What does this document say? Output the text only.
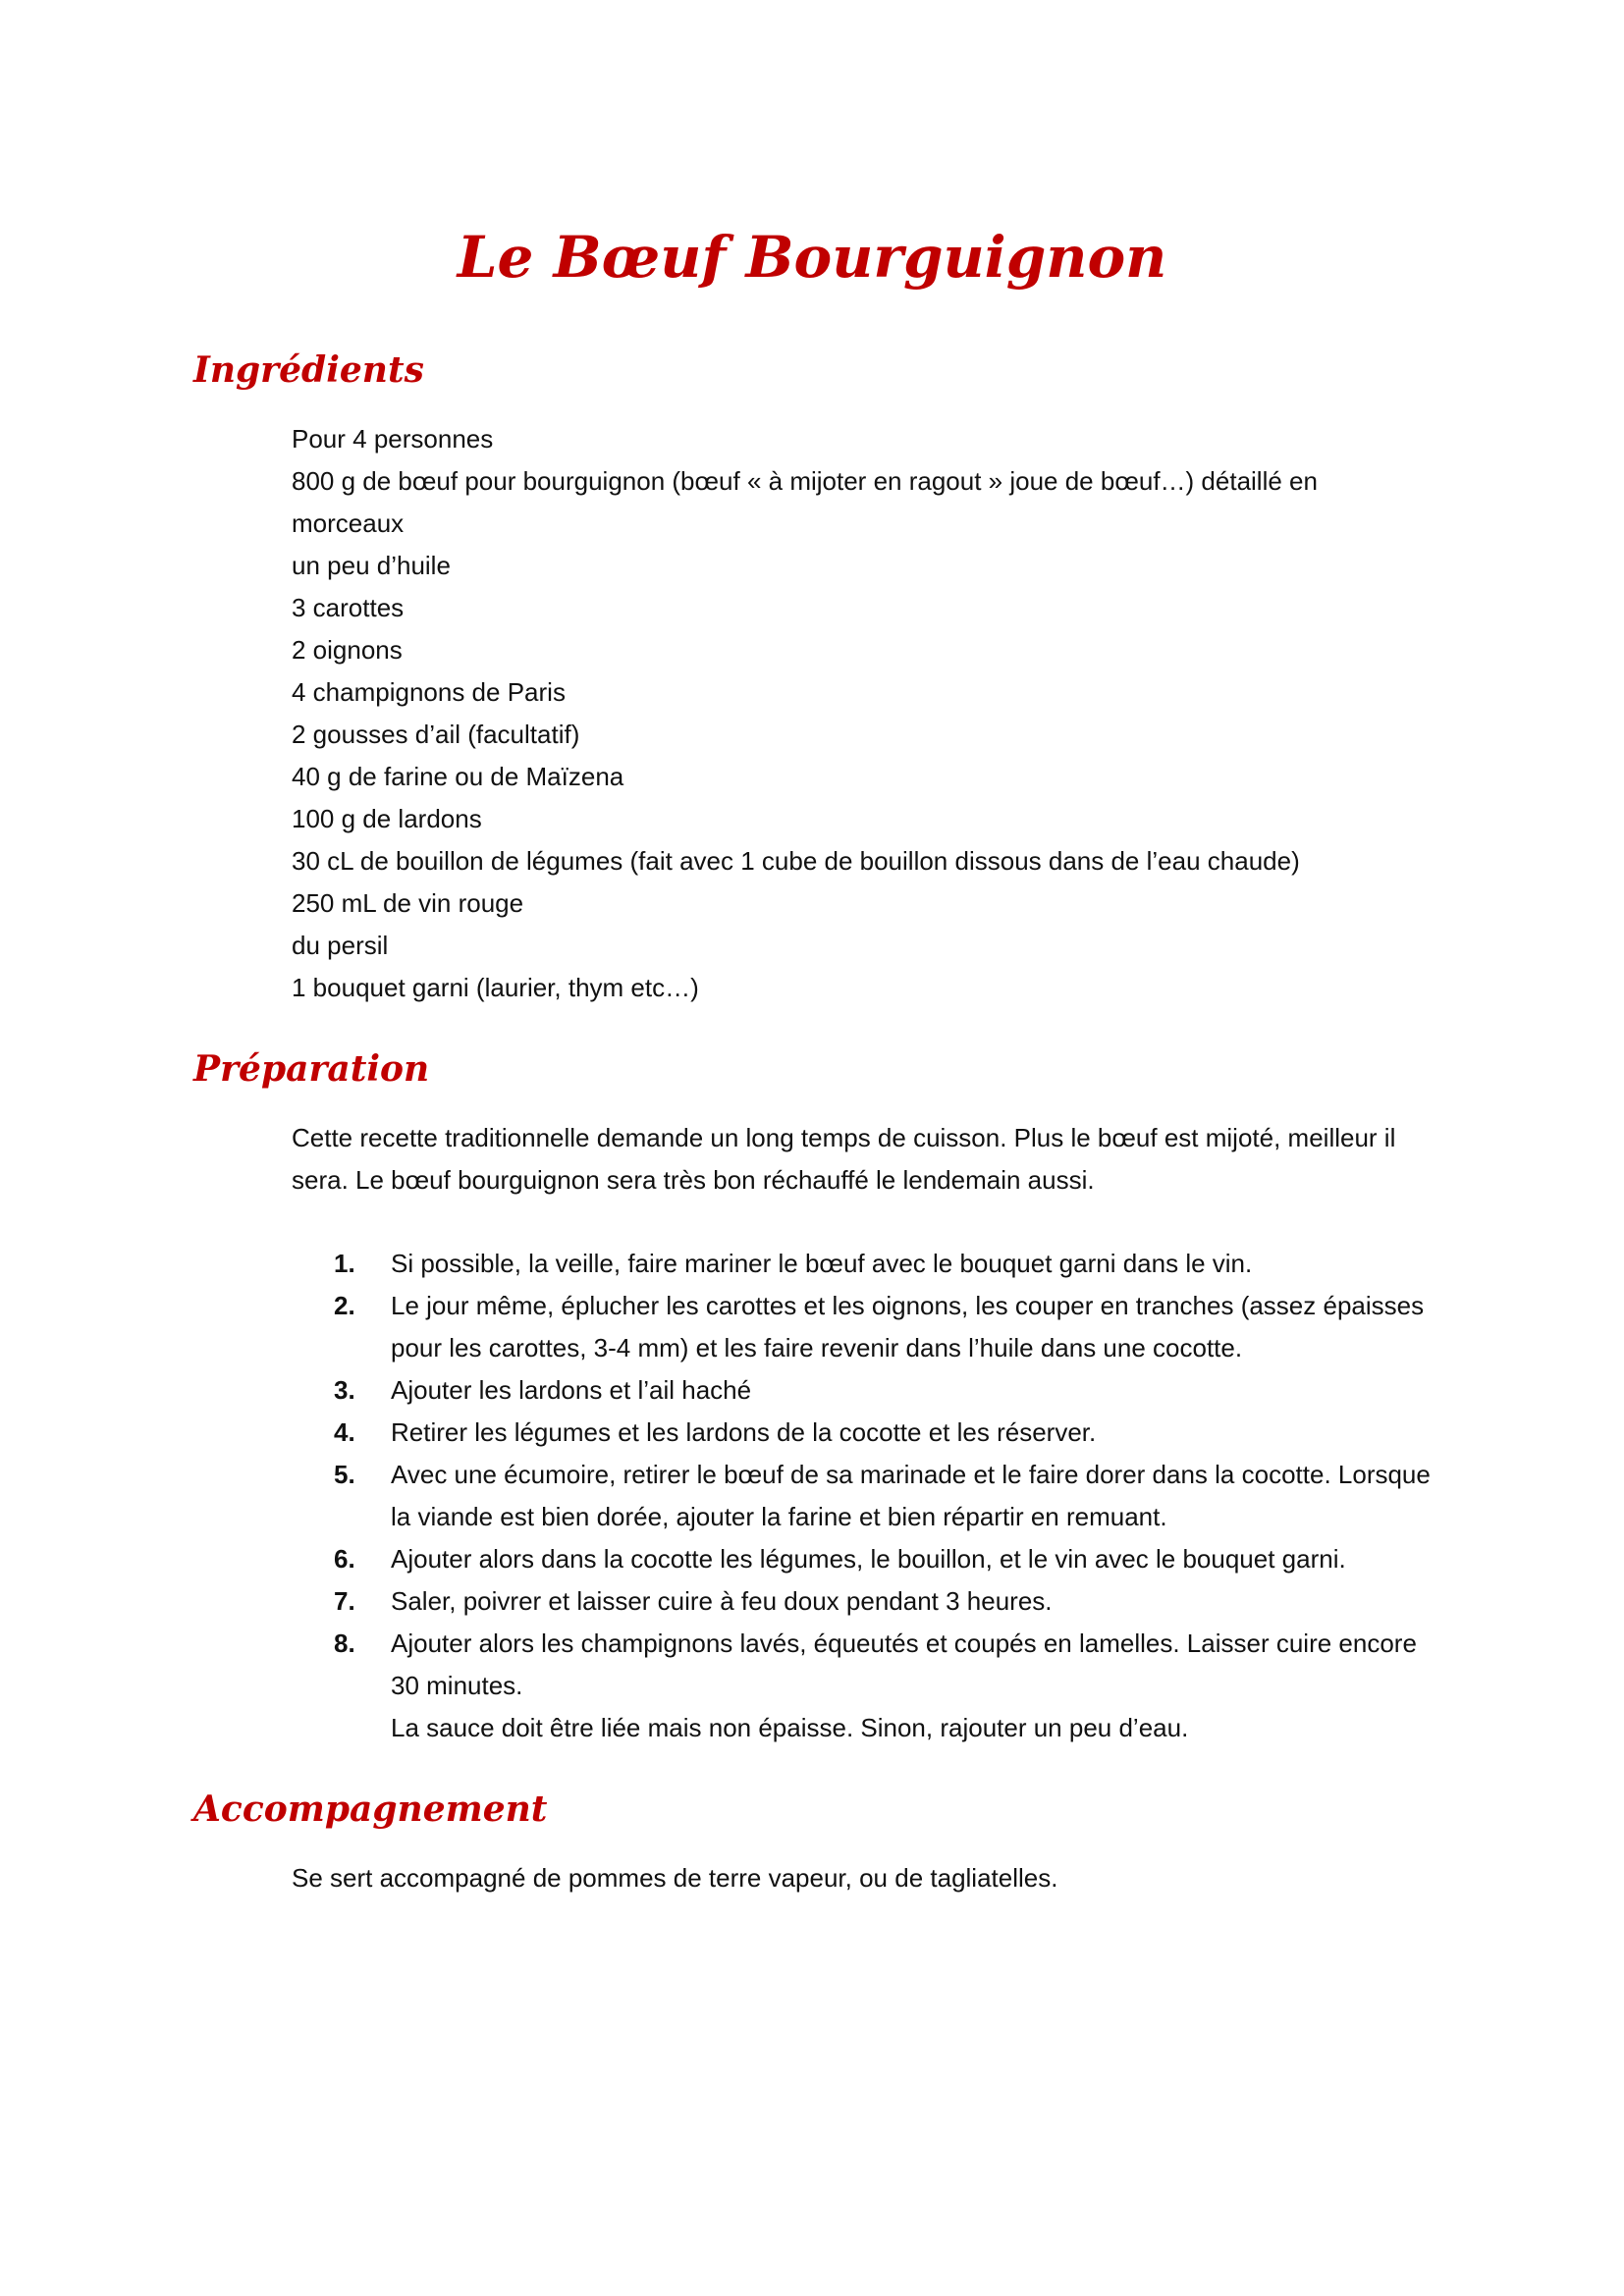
Le Bœuf Bourguignon
Ingrédients

Pour 4 personnes

800 g de bœuf pour bourguignon (bœuf « à mijoter en ragout » joue de bœuf…) détaillé en morceaux

un peu d’huile

3 carottes

2 oignons

4 champignons de Paris

2 gousses d’ail (facultatif)

40 g de farine ou de Maïzena

100 g de lardons

30 cL de bouillon de légumes (fait avec 1 cube de bouillon dissous dans de l’eau chaude)

250 mL de vin rouge

du persil

1 bouquet garni (laurier, thym etc…)

Préparation

Cette recette traditionnelle demande un long temps de cuisson. Plus le bœuf est mijoté, meilleur il sera. Le bœuf bourguignon sera très bon réchauffé le lendemain aussi.

1.	Si possible, la veille, faire mariner le bœuf avec le bouquet garni dans le vin.

2.	Le jour même, éplucher les carottes et les oignons, les couper en tranches (assez épaisses pour les carottes, 3-4 mm) et les faire revenir dans l’huile dans une cocotte.

3.	Ajouter les lardons et l’ail haché

4.	Retirer les légumes et les lardons de la cocotte et les réserver.

5.	Avec une écumoire, retirer le bœuf de sa marinade et le faire dorer dans la cocotte. Lorsque la viande est bien dorée, ajouter la farine et bien répartir en remuant.

6.	Ajouter alors dans la cocotte les légumes, le bouillon, et le vin avec le bouquet garni.

7.	Saler, poivrer et laisser cuire à feu doux pendant 3 heures.

8.	Ajouter alors les champignons lavés, équeutés et coupés en lamelles. Laisser cuire encore 30 minutes.

La sauce doit être liée mais non épaisse. Sinon, rajouter un peu d’eau.

Accompagnement

Se sert accompagné de pommes de terre vapeur, ou de tagliatelles.
